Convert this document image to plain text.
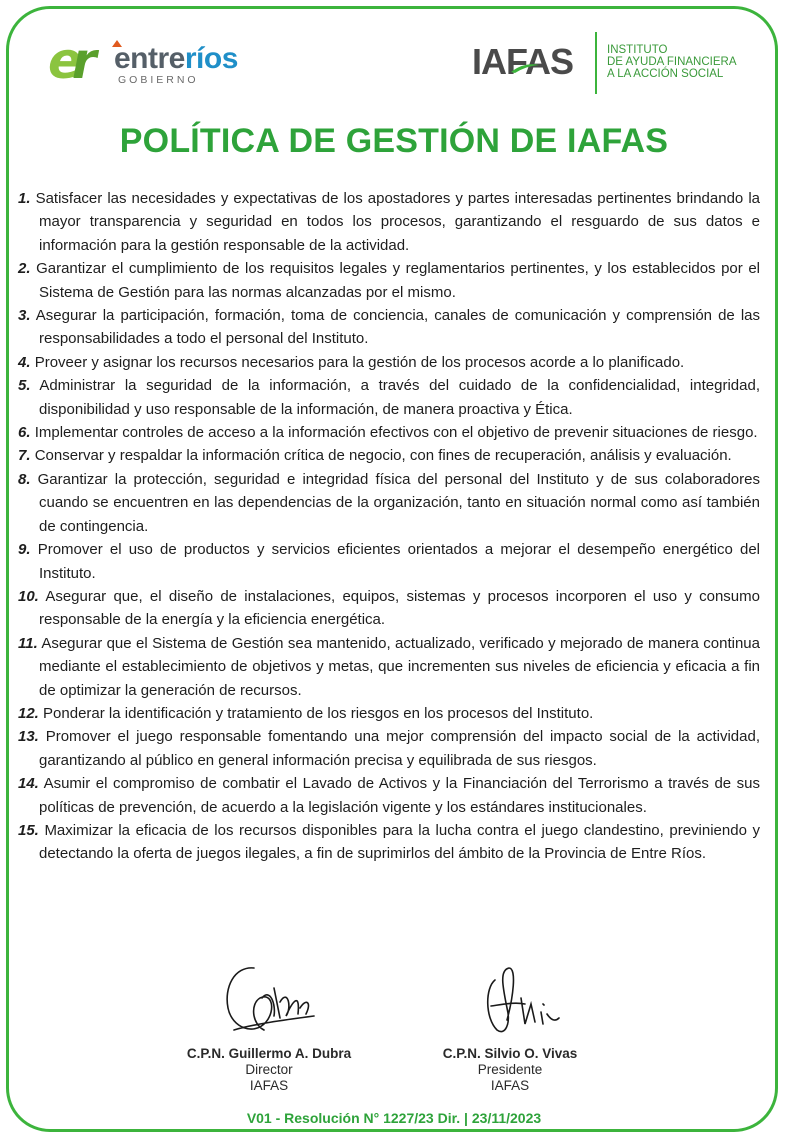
er entreríos
GOBIERNO	IAFAS	INSTITUTO
DE AYUDA FINANCIERA
A LA ACCIÓN SOCIAL
POLÍTICA DE GESTIÓN DE IAFAS
1. Satisfacer las necesidades y expectativas de los apostadores y partes interesadas pertinentes brindando la mayor transparencia y seguridad en todos los procesos, garantizando el resguardo de sus datos e información para la gestión responsable de la actividad.
2. Garantizar el cumplimiento de los requisitos legales y reglamentarios pertinentes, y los establecidos por el Sistema de Gestión para las normas alcanzadas por el mismo.
3. Asegurar la participación, formación, toma de conciencia, canales de comunicación y comprensión de las responsabilidades a todo el personal del Instituto.
4. Proveer y asignar los recursos necesarios para la gestión de los procesos acorde a lo planificado.
5. Administrar la seguridad de la información, a través del cuidado de la confidencialidad, integridad, disponibilidad y uso responsable de la información, de manera proactiva y Ética.
6. Implementar controles de acceso a la información efectivos con el objetivo de prevenir situaciones de riesgo.
7. Conservar y respaldar la información crítica de negocio, con fines de recuperación, análisis y evaluación.
8. Garantizar la protección, seguridad e integridad física del personal del Instituto y de sus colaboradores cuando se encuentren en las dependencias de la organización, tanto en situación normal como así también de contingencia.
9. Promover el uso de productos y servicios eficientes orientados a mejorar el desempeño energético del Instituto.
10. Asegurar que, el diseño de instalaciones, equipos, sistemas y procesos incorporen el uso y consumo responsable de la energía y la eficiencia energética.
11. Asegurar que el Sistema de Gestión sea mantenido, actualizado, verificado y mejorado de manera continua mediante el establecimiento de objetivos y metas, que incrementen sus niveles de eficiencia y eficacia a fin de optimizar la generación de recursos.
12. Ponderar la identificación y tratamiento de los riesgos en los procesos del Instituto.
13. Promover el juego responsable fomentando una mejor comprensión del impacto social de la actividad, garantizando al público en general información precisa y equilibrada de sus riesgos.
14. Asumir el compromiso de combatir el Lavado de Activos y la Financiación del Terrorismo a través de sus políticas de prevención, de acuerdo a la legislación vigente y los estándares institucionales.
15. Maximizar la eficacia de los recursos disponibles para la lucha contra el juego clandestino, previniendo y detectando la oferta de juegos ilegales, a fin de suprimirlos del ámbito de la Provincia de Entre Ríos.
C.P.N. Guillermo A. Dubra
Director
IAFAS
C.P.N. Silvio O. Vivas
Presidente
IAFAS
V01 - Resolución N° 1227/23 Dir. | 23/11/2023
